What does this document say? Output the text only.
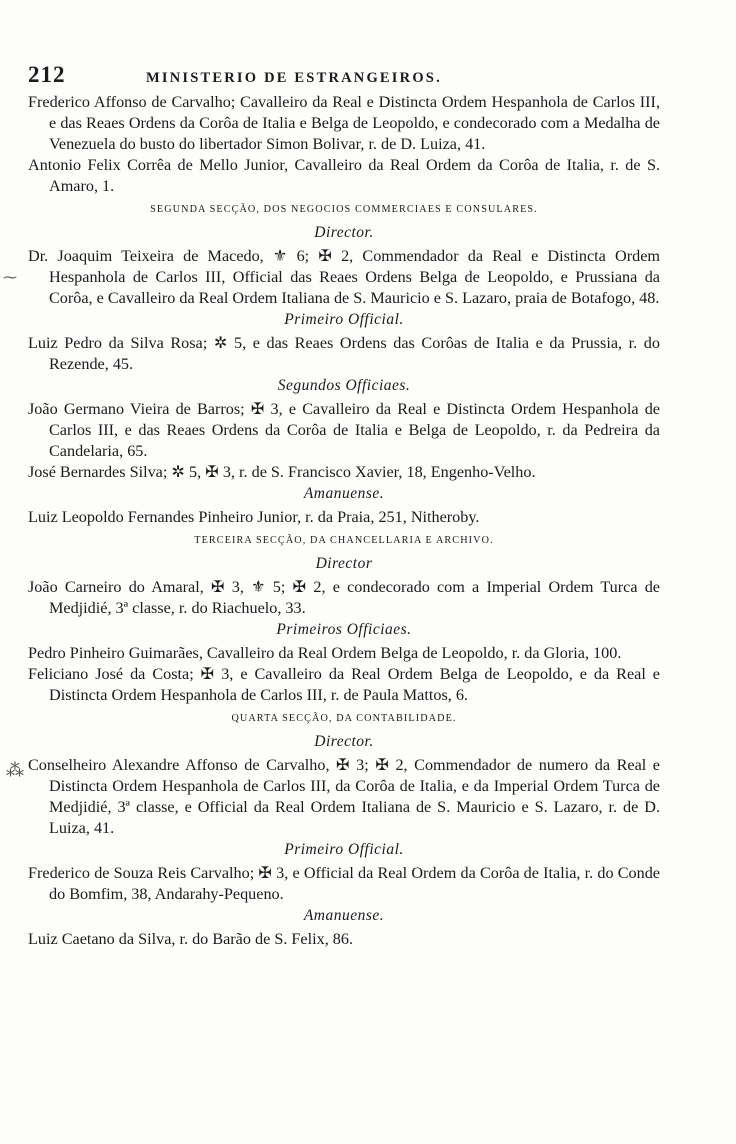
212	MINISTERIO DE ESTRANGEIROS.

Frederico Affonso de Carvalho; Cavalleiro da Real e Distincta Ordem Hespanhola de Carlos III, e das Reaes Ordens da Corôa de Italia e Belga de Leopoldo, e condecorado com a Medalha de Venezuela do busto do libertador Simon Bolivar, r. de D. Luiza, 41.

Antonio Felix Corrêa de Mello Junior, Cavalleiro da Real Ordem da Corôa de Italia, r. de S. Amaro, 1.

SEGUNDA SECÇÃO, DOS NEGOCIOS COMMERCIAES E CONSULARES.
Director.

Dr. Joaquim Teixeira de Macedo, ⚜ 6; ✠ 2, Commendador da Real e Distincta Ordem Hespanhola de Carlos III, Official das Reaes Ordens Belga de Leopoldo, e Prussiana da Corôa, e Cavalleiro da Real Ordem Italiana de S. Mauricio e S. Lazaro, praia de Botafogo, 48.

Primeiro Official.

Luiz Pedro da Silva Rosa; ✲ 5, e das Reaes Ordens das Corôas de Italia e da Prussia, r. do Rezende, 45.

Segundos Officiaes.

João Germano Vieira de Barros; ✠ 3, e Cavalleiro da Real e Distincta Ordem Hespanhola de Carlos III, e das Reaes Ordens da Corôa de Italia e Belga de Leopoldo, r. da Pedreira da Candelaria, 65.

José Bernardes Silva; ✲ 5, ✠ 3, r. de S. Francisco Xavier, 18, Engenho-Velho.

Amanuense.

Luiz Leopoldo Fernandes Pinheiro Junior, r. da Praia, 251, Nitheroby.

TERCEIRA SECÇÃO, DA CHANCELLARIA E ARCHIVO.
Director

João Carneiro do Amaral, ✠ 3, ⚜ 5; ✠ 2, e condecorado com a Imperial Ordem Turca de Medjidié, 3ª classe, r. do Riachuelo, 33.

Primeiros Officiaes.

Pedro Pinheiro Guimarães, Cavalleiro da Real Ordem Belga de Leopoldo, r. da Gloria, 100.

Feliciano José da Costa; ✠ 3, e Cavalleiro da Real Ordem Belga de Leopoldo, e da Real e Distincta Ordem Hespanhola de Carlos III, r. de Paula Mattos, 6.

QUARTA SECÇÃO, DA CONTABILIDADE.
Director.

Conselheiro Alexandre Affonso de Carvalho, ✠ 3; ✠ 2, Commendador de numero da Real e Distincta Ordem Hespanhola de Carlos III, da Corôa de Italia, e da Imperial Ordem Turca de Medjidié, 3ª classe, e Official da Real Ordem Italiana de S. Mauricio e S. Lazaro, r. de D. Luiza, 41.

Primeiro Official.

Frederico de Souza Reis Carvalho; ✠ 3, e Official da Real Ordem da Corôa de Italia, r. do Conde do Bomfim, 38, Andarahy-Pequeno.

Amanuense.

Luiz Caetano da Silva, r. do Barão de S. Felix, 86.

⁓
⁂
